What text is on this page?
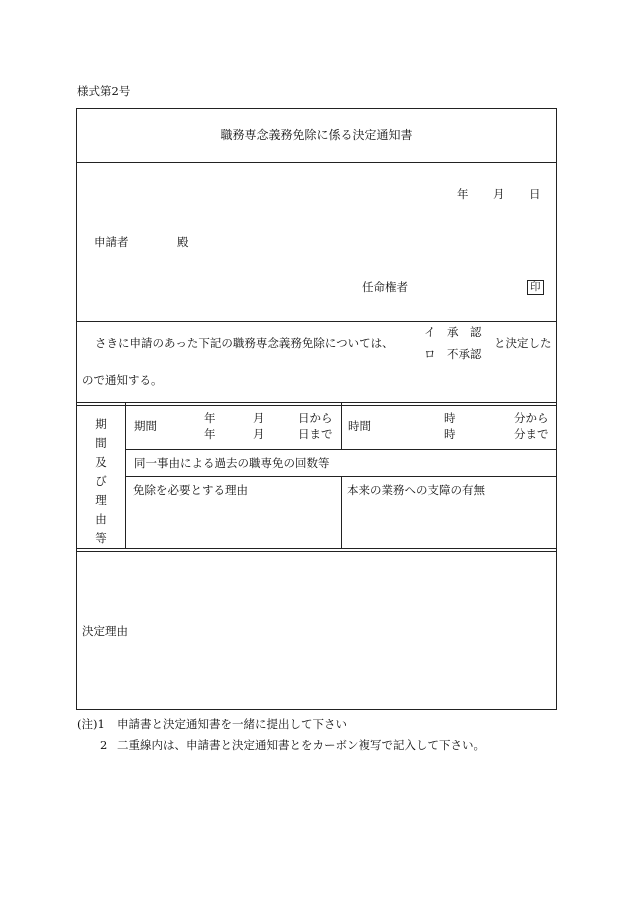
様式第2号
職務専念義務免除に係る決定通知書
年 月 日
申請者	殿
任命権者	印
さきに申請のあった下記の職務専念義務免除については、
イ　承　認
ロ　不承認
と決定した
ので通知する。
期
間
及
び
理
由
等
期間
年	月	日から
年	月	日まで
時間
時	分から
時	分まで
同一事由による過去の職専免の回数等
免除を必要とする理由	本来の業務への支障の有無
決定理由
(注)1 申請書と決定通知書を一緒に提出して下さい
2 二重線内は、申請書と決定通知書とをカーボン複写で記入して下さい。
